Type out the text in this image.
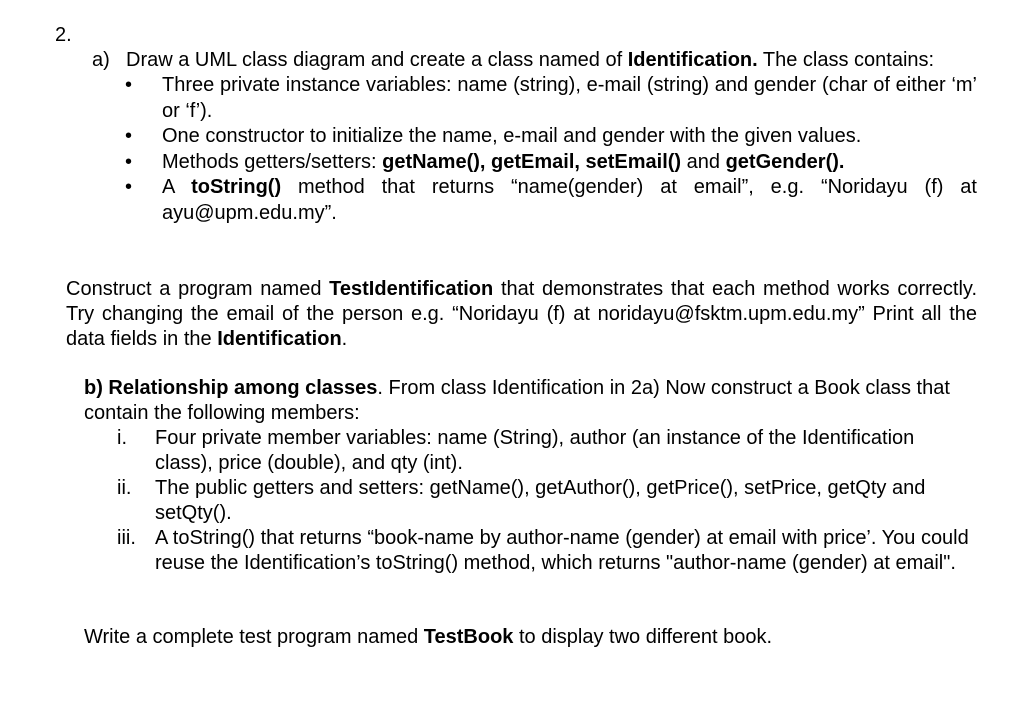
2.

a) Draw a UML class diagram and create a class named of Identification. The class contains:
• Three private instance variables: name (string), e-mail (string) and gender (char of either ‘m’ or ‘f’).
• One constructor to initialize the name, e-mail and gender with the given values.
• Methods getters/setters: getName(), getEmail, setEmail() and getGender().
• A toString() method that returns “name(gender) at email”, e.g. “Noridayu (f) at ayu@upm.edu.my”.

Construct a program named TestIdentification that demonstrates that each method works correctly. Try changing the email of the person e.g. “Noridayu (f) at noridayu@fsktm.upm.edu.my” Print all the data fields in the Identification.

b) Relationship among classes. From class Identification in 2a) Now construct a Book class that contain the following members:

i. Four private member variables: name (String), author (an instance of the Identification class), price (double), and qty (int).
ii. The public getters and setters: getName(), getAuthor(), getPrice(), setPrice, getQty and setQty().
iii. A toString() that returns “book-name by author-name (gender) at email with price’. You could reuse the Identification’s toString() method, which returns "author-name (gender) at email".

Write a complete test program named TestBook to display two different book.
